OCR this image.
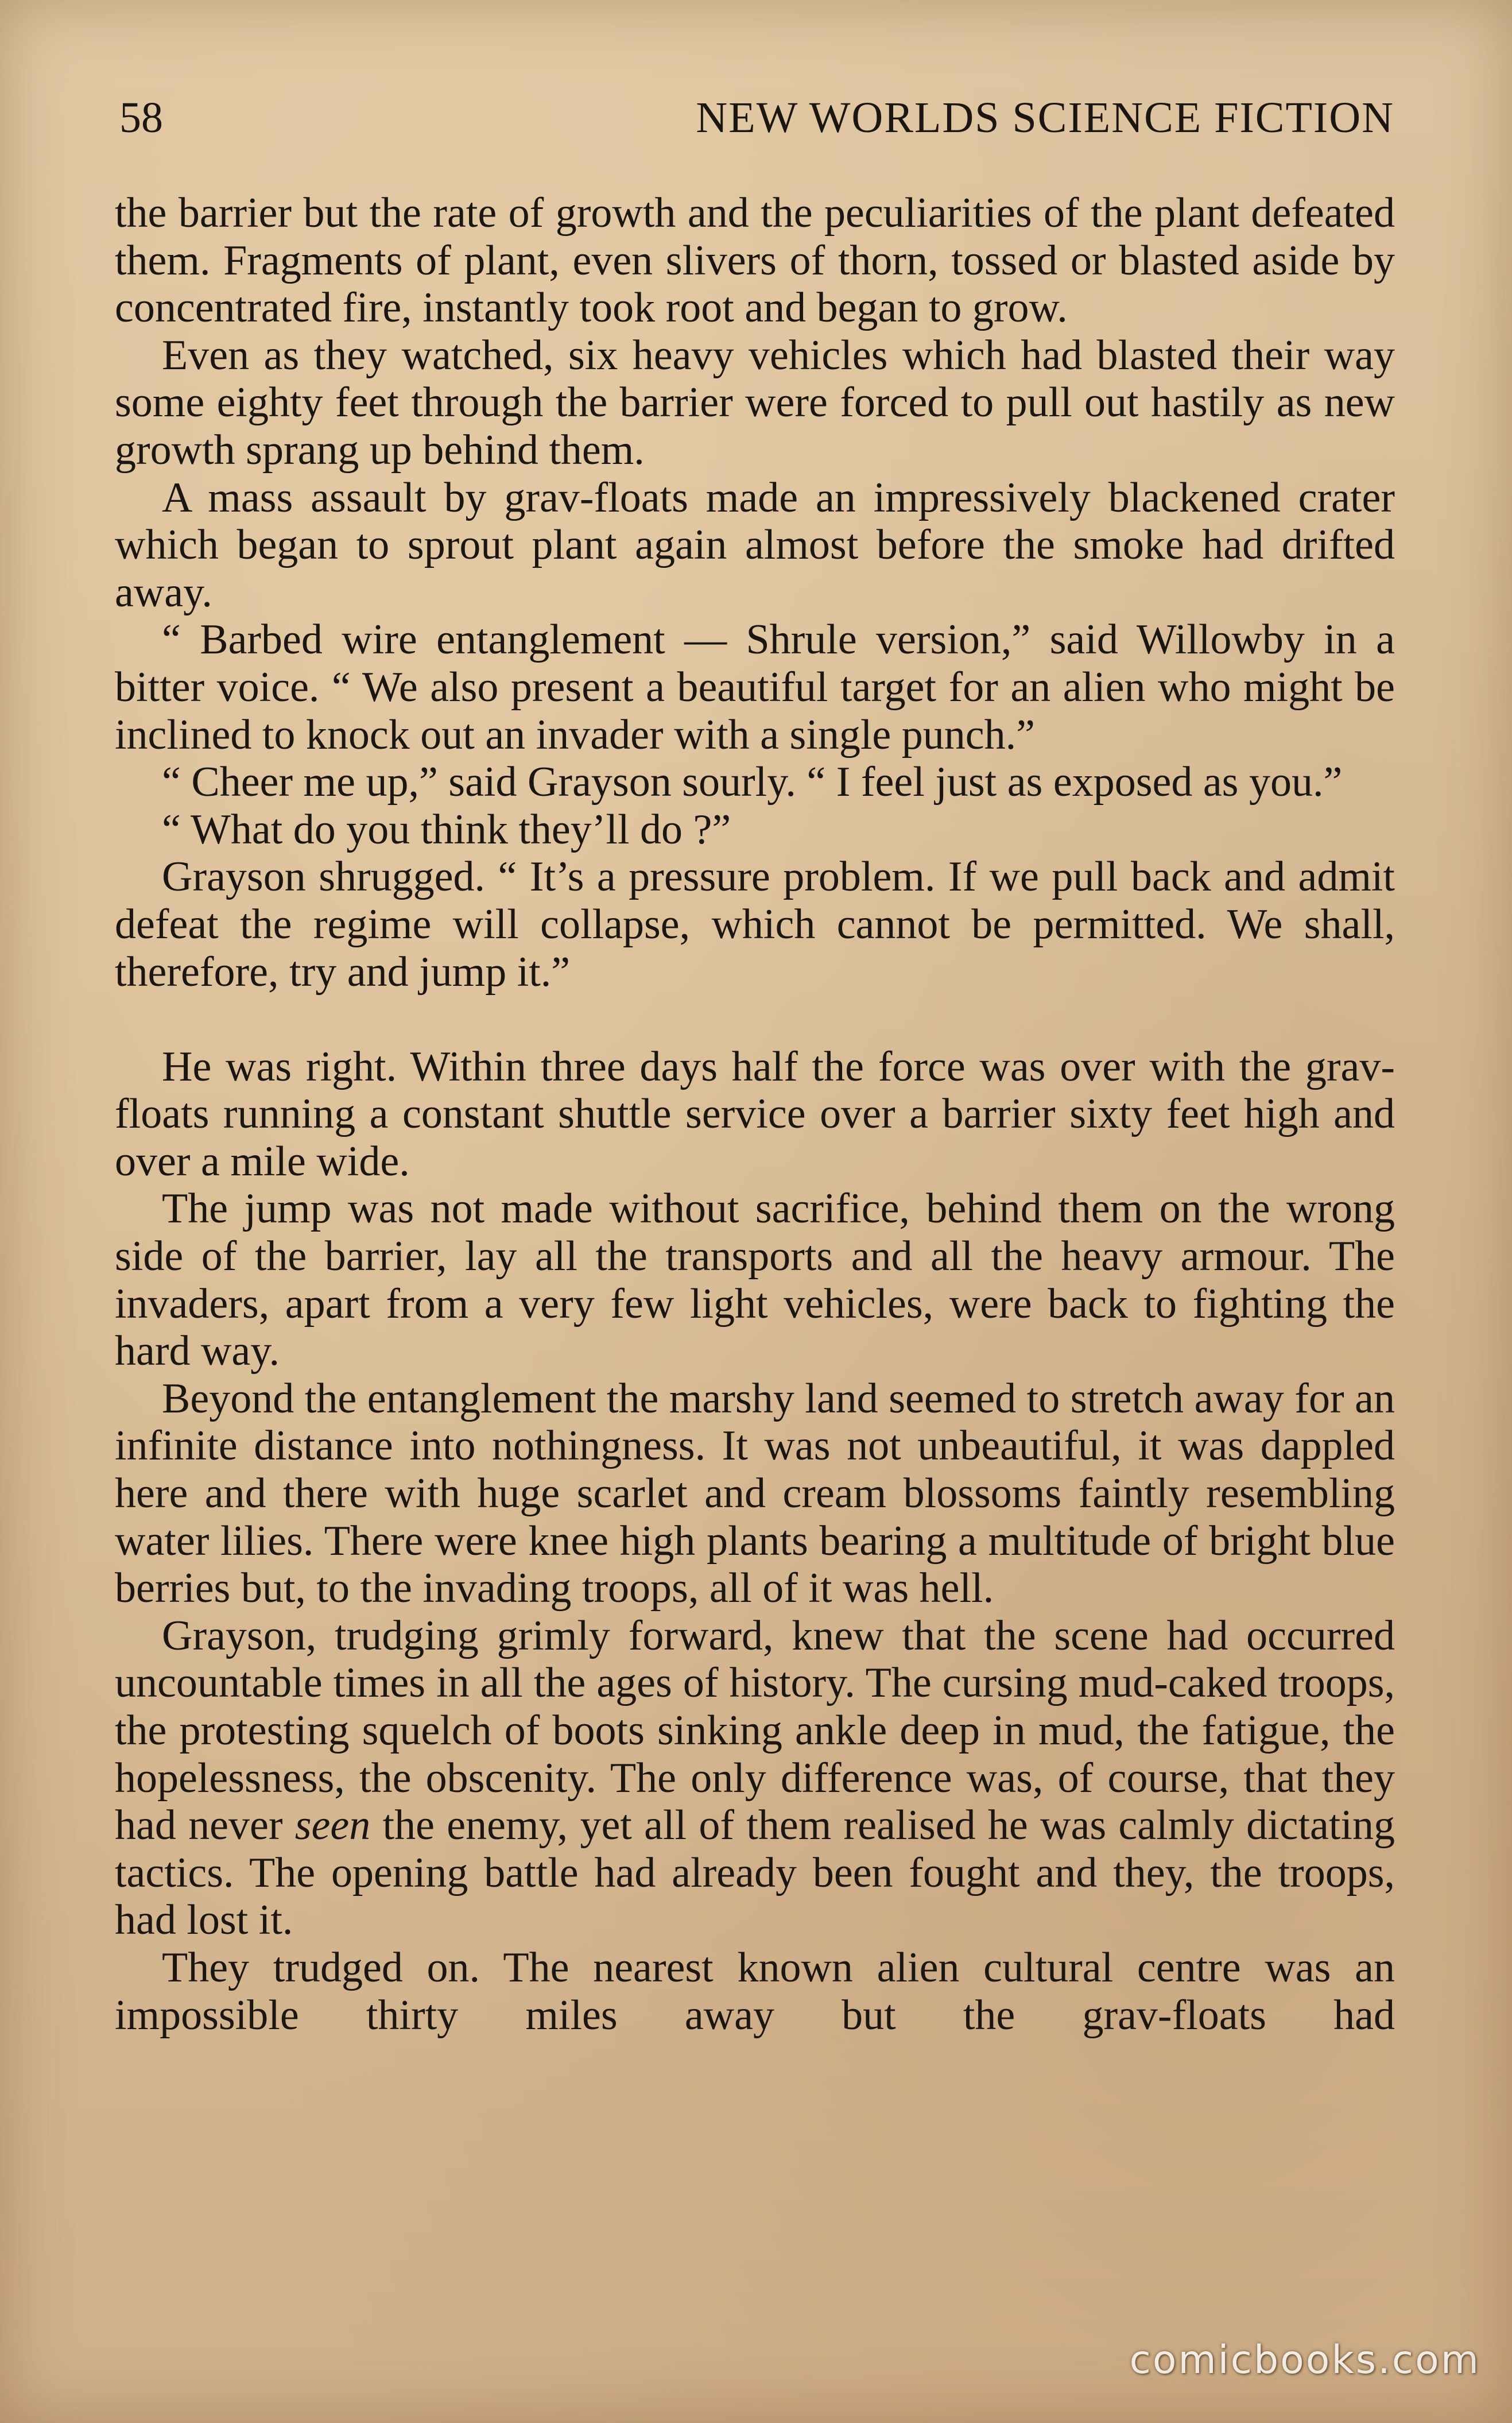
58	NEW WORLDS SCIENCE FICTION

the barrier but the rate of growth and the peculiarities of the plant defeated them. Fragments of plant, even slivers of thorn, tossed or blasted aside by concentrated fire, instantly took root and began to grow.

Even as they watched, six heavy vehicles which had blasted their way some eighty feet through the barrier were forced to pull out hastily as new growth sprang up behind them.

A mass assault by grav-floats made an impressively blackened crater which began to sprout plant again almost before the smoke had drifted away.

“ Barbed wire entanglement — Shrule version,” said Willowby in a bitter voice. “ We also present a beautiful target for an alien who might be inclined to knock out an invader with a single punch.”

“ Cheer me up,” said Grayson sourly. “ I feel just as exposed as you.”

“ What do you think they’ll do ?”

Grayson shrugged. “ It’s a pressure problem. If we pull back and admit defeat the regime will collapse, which cannot be permitted. We shall, therefore, try and jump it.”

He was right. Within three days half the force was over with the grav-floats running a constant shuttle service over a barrier sixty feet high and over a mile wide.

The jump was not made without sacrifice, behind them on the wrong side of the barrier, lay all the transports and all the heavy armour. The invaders, apart from a very few light vehicles, were back to fighting the hard way.

Beyond the entanglement the marshy land seemed to stretch away for an infinite distance into nothingness. It was not unbeautiful, it was dappled here and there with huge scarlet and cream blossoms faintly resembling water lilies. There were knee high plants bearing a multitude of bright blue berries but, to the invading troops, all of it was hell.

Grayson, trudging grimly forward, knew that the scene had occurred uncountable times in all the ages of history. The cursing mud-caked troops, the protesting squelch of boots sinking ankle deep in mud, the fatigue, the hopelessness, the obscenity. The only difference was, of course, that they had never seen the enemy, yet all of them realised he was calmly dictating tactics. The opening battle had already been fought and they, the troops, had lost it.

They trudged on. The nearest known alien cultural centre was an impossible thirty miles away but the grav-floats had

comicbooks.com
